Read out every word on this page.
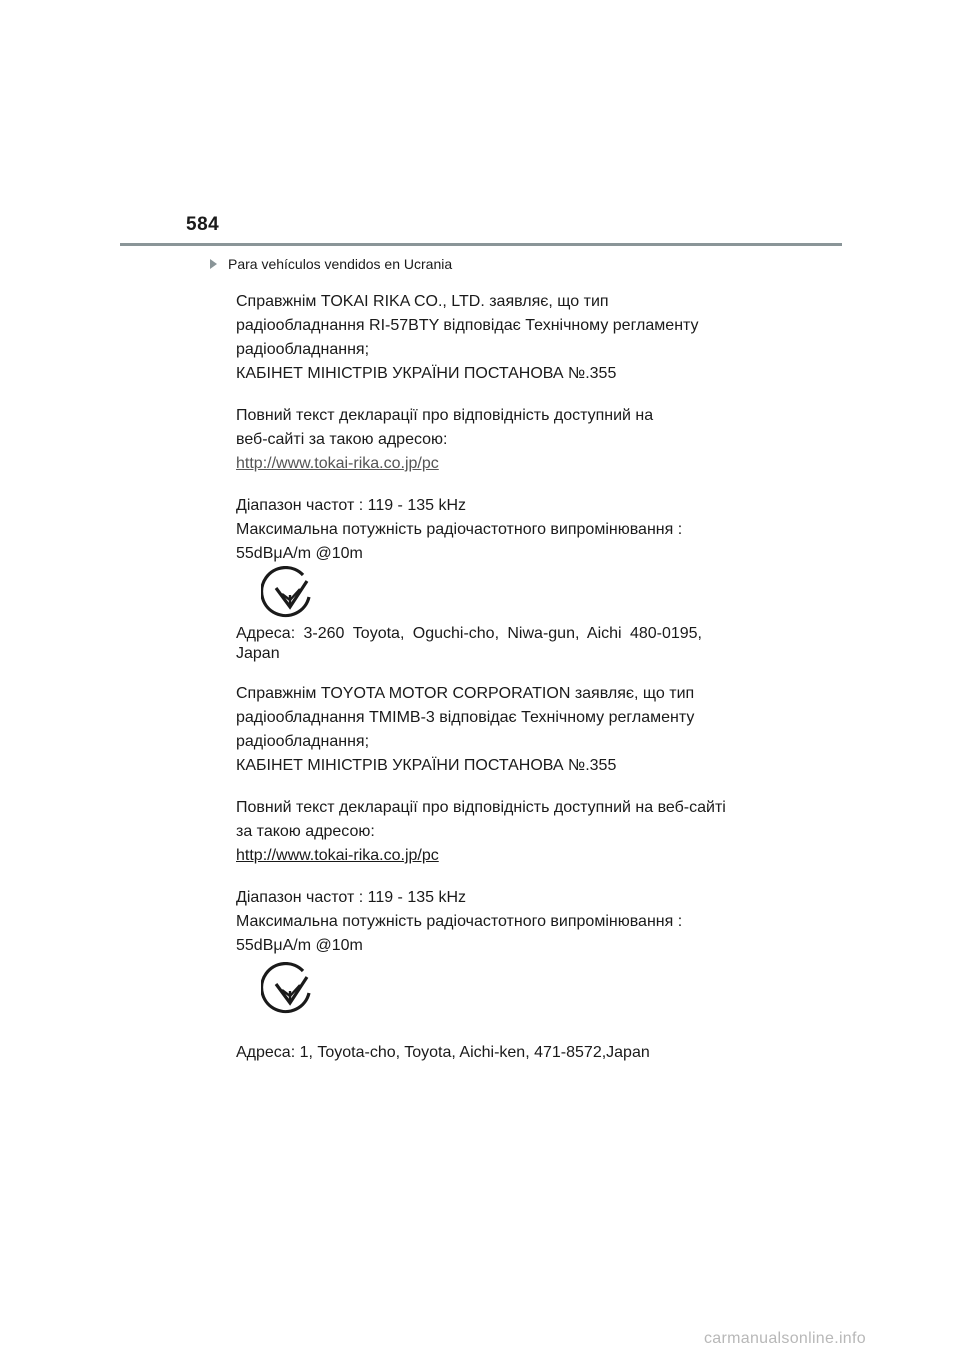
584
Para vehículos vendidos en Ucrania
Справжнім TOKAI RIKA CO., LTD. заявляє, що тип
радіообладнання RI-57BTY відповідає Технічному регламенту
радіообладнання;
КАБІНЕТ МІНІСТРІВ УКРАЇНИ ПОСТАНОВА №.355
Повний текст декларації про відповідність доступний на
веб-сайті за такою адресою:
http://www.tokai-rika.co.jp/pc
Діапазон частот : 119 - 135 kHz
Максимальна потужність радіочастотного випромінювання :
55dBμA/m @10m
Адреса: 3-260 Toyota, Oguchi-cho, Niwa-gun, Aichi 480-0195,
Japan
Справжнім TOYOTA MOTOR CORPORATION заявляє, що тип
радіообладнання TMIMB-3 відповідає Технічному регламенту
радіообладнання;
КАБІНЕТ МІНІСТРІВ УКРАЇНИ ПОСТАНОВА №.355
Повний текст декларації про відповідність доступний на веб-сайті
за такою адресою:
http://www.tokai-rika.co.jp/pc
Діапазон частот : 119 - 135 kHz
Максимальна потужність радіочастотного випромінювання :
55dBμA/m @10m
Адреса: 1, Toyota-cho, Toyota, Aichi-ken, 471-8572,Japan
carmanualsonline.info
